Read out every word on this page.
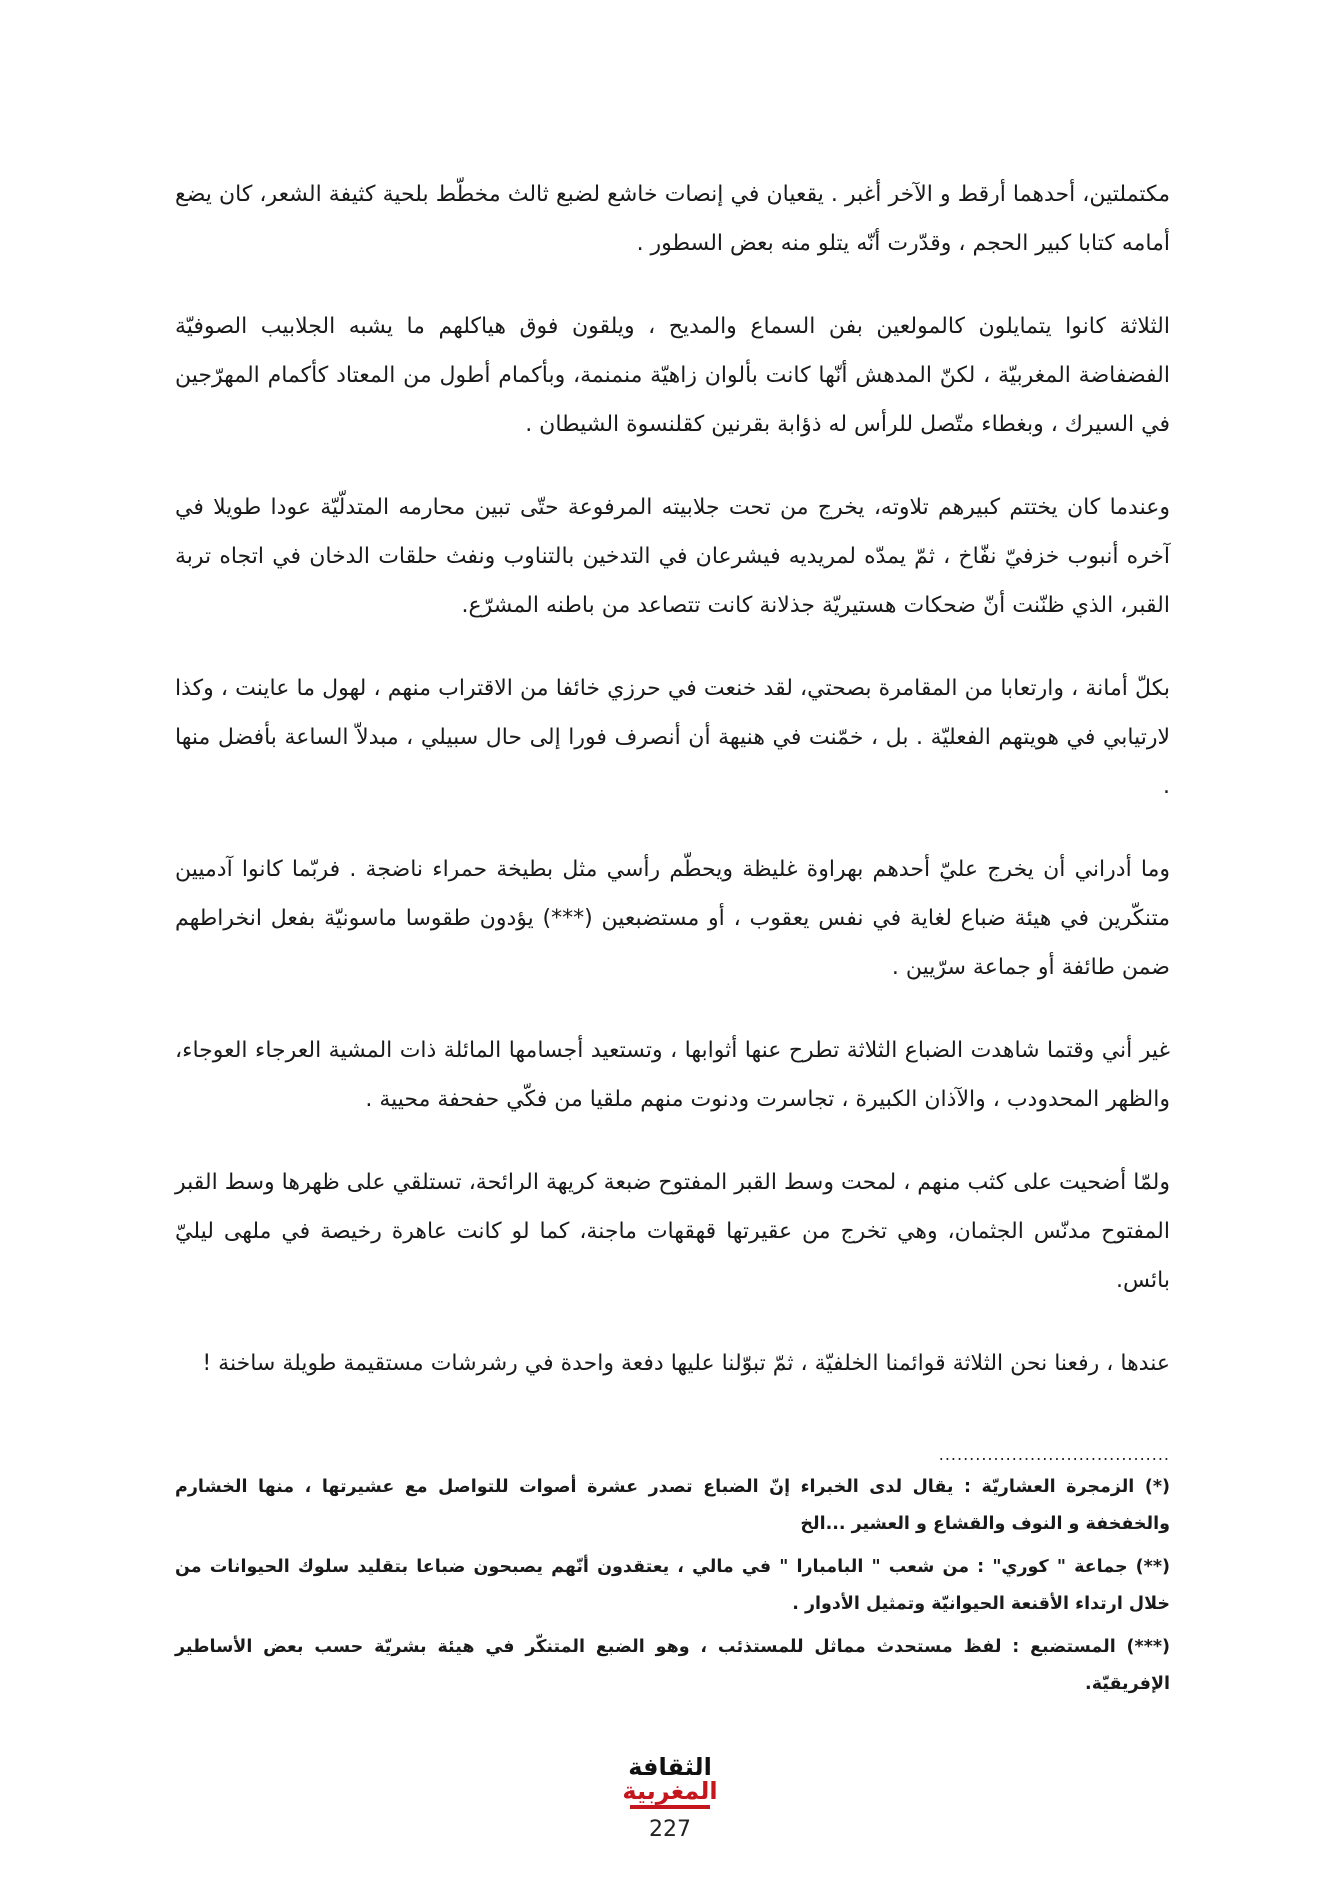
مكتملتين، أحدهما أرقط و الآخر أغبر . يقعيان في إنصات خاشع لضبع ثالث مخطّط بلحية كثيفة الشعر، كان يضع أمامه كتابا كبير الحجم ، وقدّرت أنّه يتلو منه بعض السطور .

الثلاثة كانوا يتمايلون كالمولعين بفن السماع والمديح ، ويلقون فوق هياكلهم ما يشبه الجلابيب الصوفيّة الفضفاضة المغربيّة ، لكنّ المدهش أنّها كانت بألوان زاهيّة منمنمة، وبأكمام أطول من المعتاد كأكمام المهرّجين في السيرك ، وبغطاء متّصل للرأس له ذؤابة بقرنين كقلنسوة الشيطان .

وعندما كان يختتم كبيرهم تلاوته، يخرج من تحت جلابيته المرفوعة حتّى تبين محارمه المتدلّيّة عودا طويلا في آخره أنبوب خزفيّ نفّاخ ، ثمّ يمدّه لمريديه فيشرعان في التدخين بالتناوب ونفث حلقات الدخان في اتجاه تربة القبر، الذي ظنّنت أنّ ضحكات هستيريّة جذلانة كانت تتصاعد من باطنه المشرّع.

بكلّ أمانة ، وارتعابا من المقامرة بصحتي، لقد خنعت في حرزي خائفا من الاقتراب منهم ، لهول ما عاينت ، وكذا لارتيابي في هويتهم الفعليّة . بل ، خمّنت في هنيهة أن أنصرف فورا إلى حال سبيلي ، مبدلاّ الساعة بأفضل منها .

وما أدراني أن يخرج عليّ أحدهم بهراوة غليظة ويحطّم رأسي مثل بطيخة حمراء ناضجة . فربّما كانوا آدميين متنكّرين في هيئة ضباع لغاية في نفس يعقوب ، أو مستضبعين (***) يؤدون طقوسا ماسونيّة بفعل انخراطهم ضمن طائفة أو جماعة سرّيين .

غير أني وقتما شاهدت الضباع الثلاثة تطرح عنها أثوابها ، وتستعيد أجسامها المائلة ذات المشية العرجاء العوجاء، والظهر المحدودب ، والآذان الكبيرة ، تجاسرت ودنوت منهم ملقيا من فكّي حفحفة محيية .

ولمّا أضحيت على كثب منهم ، لمحت وسط القبر المفتوح ضبعة كريهة الرائحة، تستلقي على ظهرها وسط القبر المفتوح مدنّس الجثمان، وهي تخرج من عقيرتها قهقهات ماجنة، كما لو كانت عاهرة رخيصة في ملهى ليليّ بائس.

عندها ، رفعنا نحن الثلاثة قوائمنا الخلفيّة ، ثمّ تبوّلنا عليها دفعة واحدة في رشرشات مستقيمة طويلة ساخنة !

......................................

(*) الزمجرة العشاريّة : يقال لدى الخبراء إنّ الضباع تصدر عشرة أصوات للتواصل مع عشيرتها ، منها الخشارم والخفخفة و النوف والقشاع و العشير ...الخ

(**) جماعة " كوري" : من شعب " البامبارا " في مالي ، يعتقدون أنّهم يصبحون ضباعا بتقليد سلوك الحيوانات من خلال ارتداء الأقنعة الحيوانيّة وتمثيل الأدوار .

(***) المستضبع : لفظ مستحدث مماثل للمستذئب ، وهو الضبع المتنكّر في هيئة بشريّة حسب بعض الأساطير الإفريقيّة.

الثقافة
المغربية
227
